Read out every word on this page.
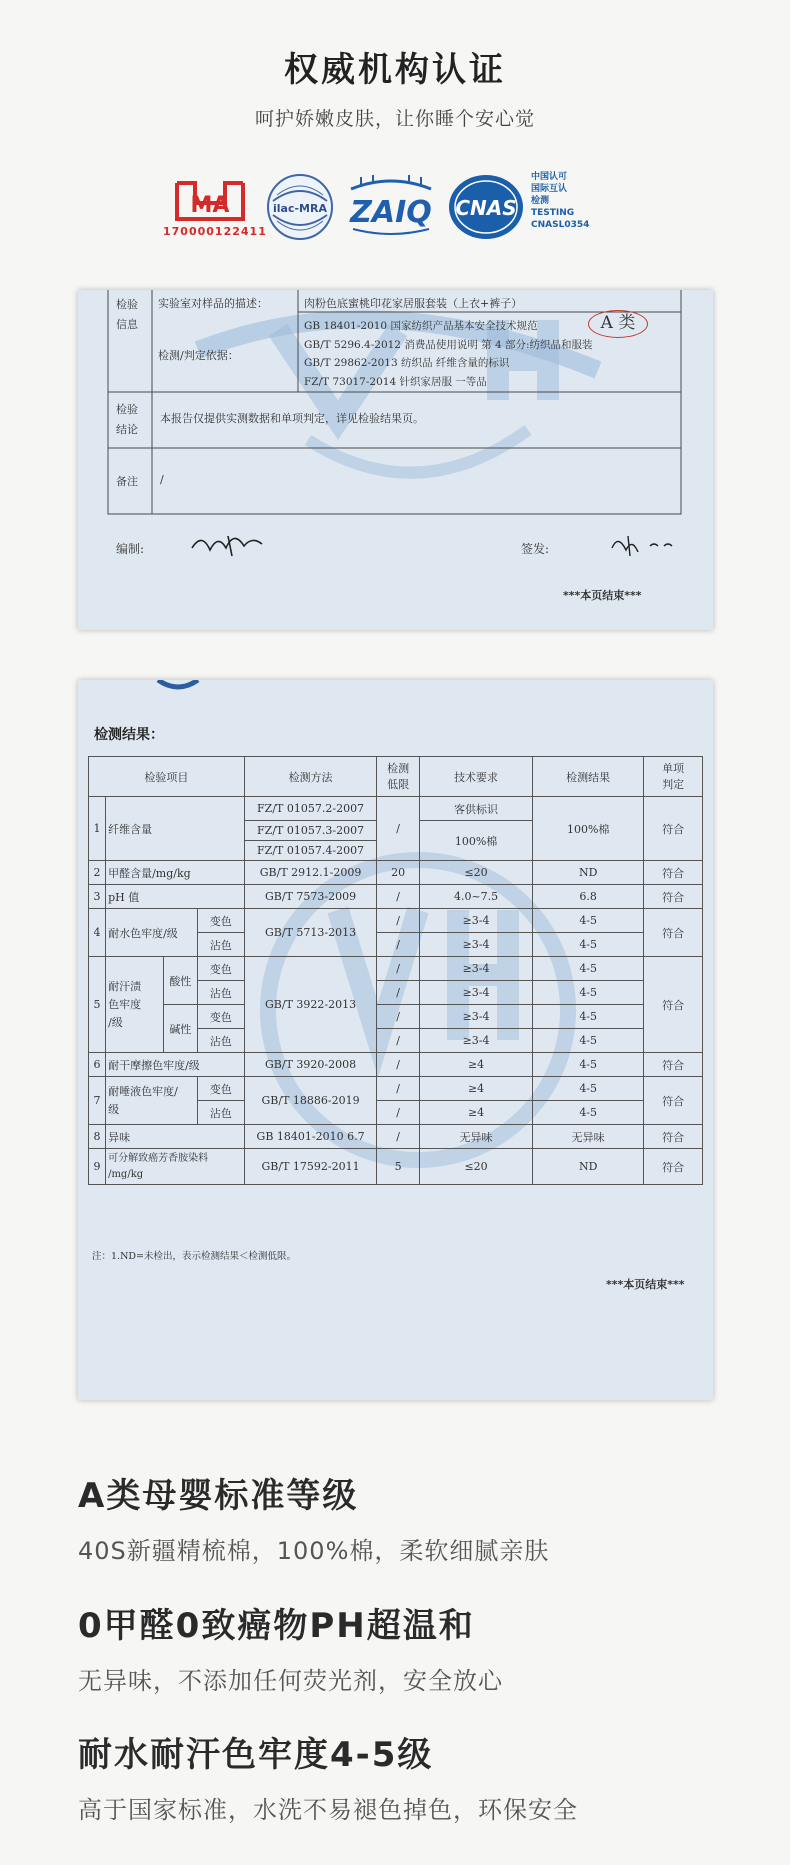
权威机构认证
呵护娇嫩皮肤，让你睡个安心觉
MA
170000122411
ilac-MRA ZAIQ CNAS
中国认可
国际互认
检测
TESTING
CNASL0354
检验
信息
实验室对样品的描述：	肉粉色底蜜桃印花家居服套装（上衣+裤子）
检测/判定依据：
GB 18401-2010 国家纺织产品基本安全技术规范
GB/T 5296.4-2012 消费品使用说明 第 4 部分:纺织品和服装
GB/T 29862-2013 纺织品 纤维含量的标识
FZ/T 73017-2014 针织家居服 一等品
A 类
检验
结论
本报告仅提供实测数据和单项判定，详见检验结果页。
备注 /
编制:	签发:
***本页结束***
检测结果：
检验项目				检测方法	检测
低限	技术要求	检测结果	单项
判定
1	纤维含量			FZ/T 01057.2-2007	/	客供标识	100%棉	符合
				FZ/T 01057.3-2007		100%棉		
				FZ/T 01057.4-2007				
2	甲醛含量/mg/kg			GB/T 2912.1-2009	20	≤20	ND	符合
3	pH 值			GB/T 7573-2009	/	4.0~7.5	6.8	符合
4	耐水色牢度/级		变色	GB/T 5713-2013	/	≥3-4	4-5	符合
			沾色		/	≥3-4	4-5	
5	耐汗渍
色牢度
/级	酸性	变色	GB/T 3922-2013	/	≥3-4	4-5	符合
			沾色		/	≥3-4	4-5	
		碱性	变色		/	≥3-4	4-5	
			沾色		/	≥3-4	4-5	
6	耐干摩擦色牢度/级			GB/T 3920-2008	/	≥4	4-5	符合
7	耐唾液色牢度/
级		变色	GB/T 18886-2019	/	≥4	4-5	符合
			沾色		/	≥4	4-5	
8	异味			GB 18401-2010 6.7	/	无异味	无异味	符合
9	可分解致癌芳香胺染料
/mg/kg			GB/T 17592-2011	5	≤20	ND	符合
注：1.ND=未检出，表示检测结果＜检测低限。
***本页结束***
A类母婴标准等级
40S新疆精梳棉，100%棉，柔软细腻亲肤
0甲醛0致癌物PH超温和
无异味，不添加任何荧光剂，安全放心
耐水耐汗色牢度4-5级
高于国家标准，水洗不易褪色掉色，环保安全
